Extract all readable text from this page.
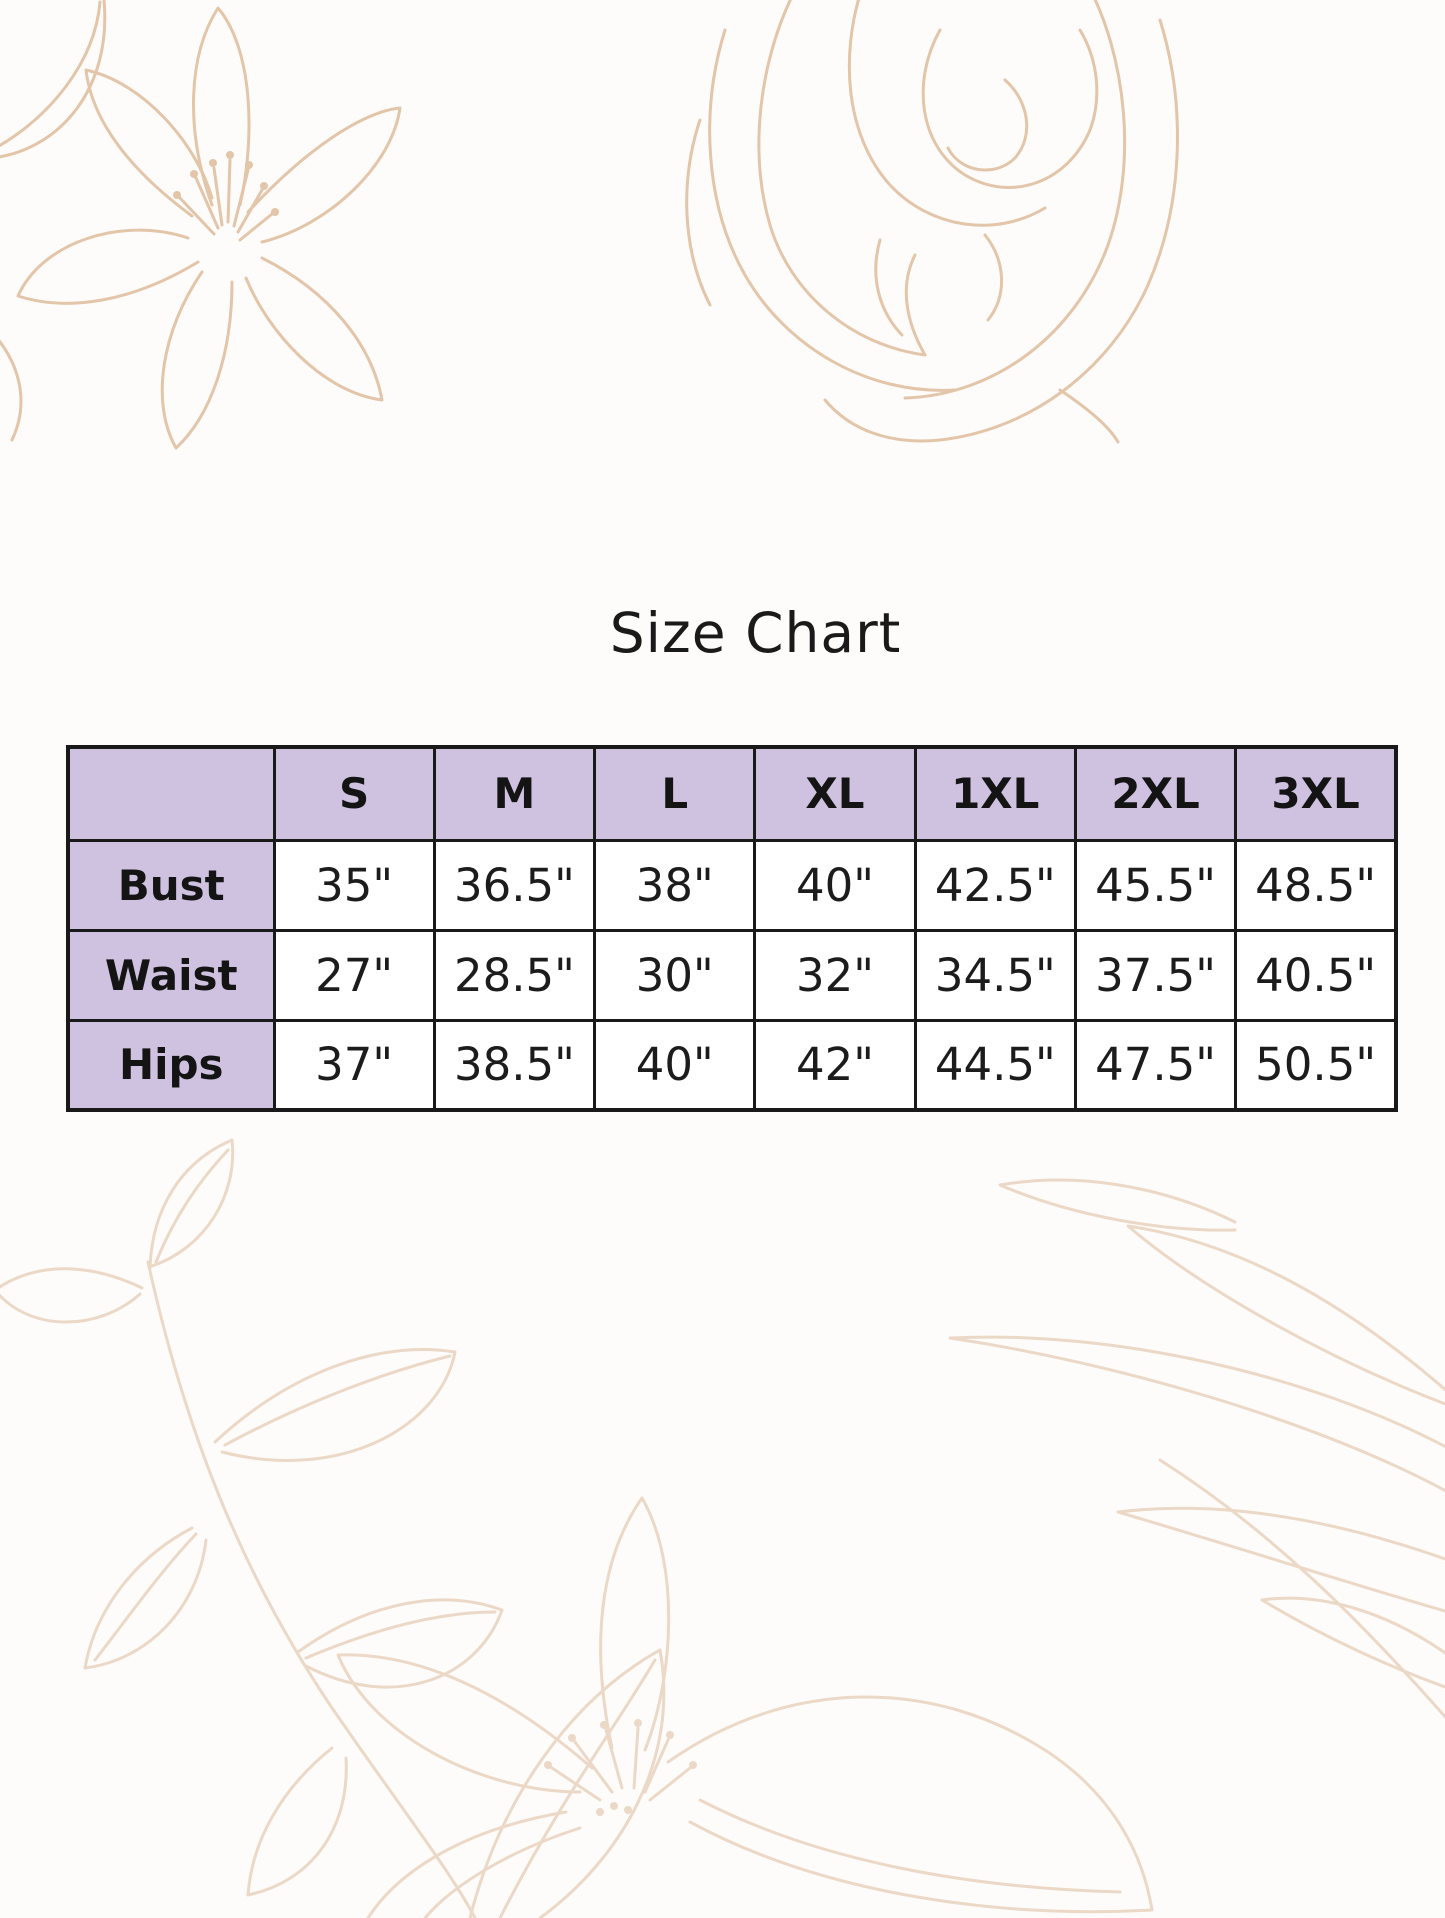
Size Chart
	S	M	L	XL	1XL	2XL	3XL
Bust	35"	36.5"	38"	40"	42.5"	45.5"	48.5"
Waist	27"	28.5"	30"	32"	34.5"	37.5"	40.5"
Hips	37"	38.5"	40"	42"	44.5"	47.5"	50.5"
